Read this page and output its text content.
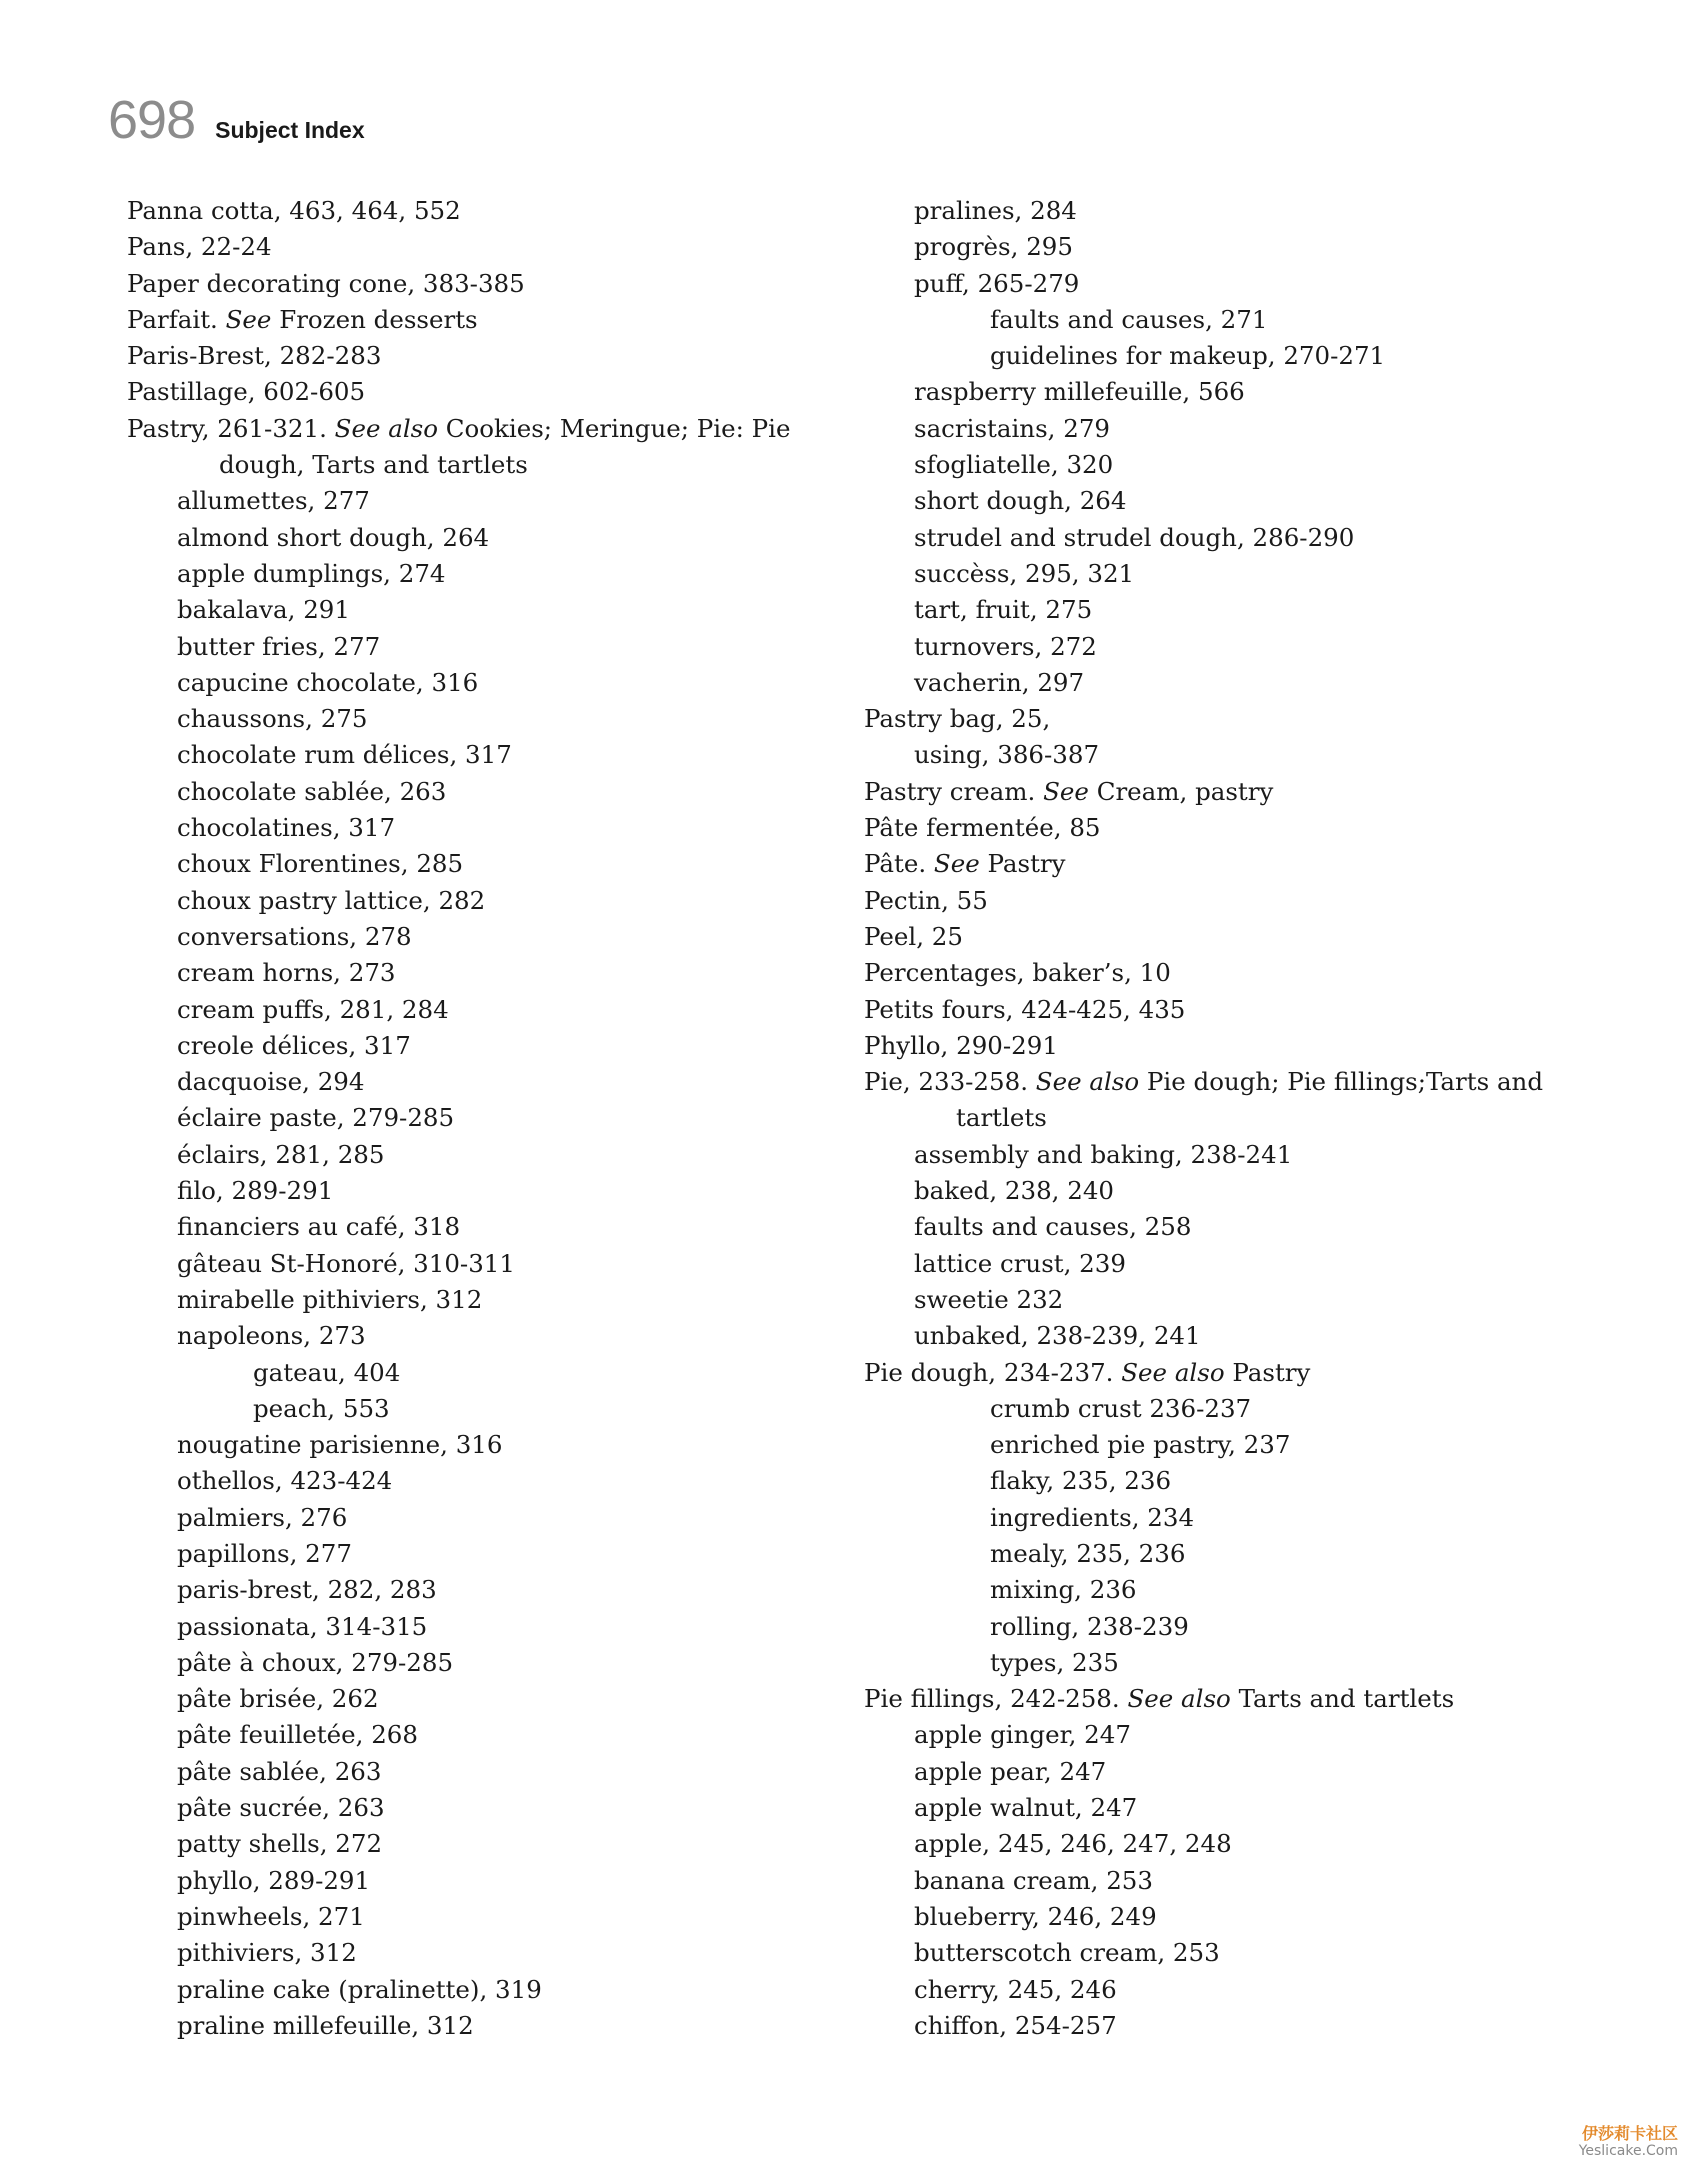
698 Subject Index
Panna cotta, 463, 464, 552
Pans, 22-24
Paper decorating cone, 383-385
Parfait. See Frozen desserts
Paris-Brest, 282-283
Pastillage, 602-605
Pastry, 261-321. See also Cookies; Meringue; Pie: Pie dough, Tarts and tartlets
allumettes, 277
almond short dough, 264
apple dumplings, 274
bakalava, 291
butter fries, 277
capucine chocolate, 316
chaussons, 275
chocolate rum délices, 317
chocolate sablée, 263
chocolatines, 317
choux Florentines, 285
choux pastry lattice, 282
conversations, 278
cream horns, 273
cream puffs, 281, 284
creole délices, 317
dacquoise, 294
éclaire paste, 279-285
éclairs, 281, 285
filo, 289-291
financiers au café, 318
gâteau St-Honoré, 310-311
mirabelle pithiviers, 312
napoleons, 273
gateau, 404
peach, 553
nougatine parisienne, 316
othellos, 423-424
palmiers, 276
papillons, 277
paris-brest, 282, 283
passionata, 314-315
pâte à choux, 279-285
pâte brisée, 262
pâte feuilletée, 268
pâte sablée, 263
pâte sucrée, 263
patty shells, 272
phyllo, 289-291
pinwheels, 271
pithiviers, 312
praline cake (pralinette), 319
praline millefeuille, 312
pralines, 284
progrès, 295
puff, 265-279
faults and causes, 271
guidelines for makeup, 270-271
raspberry millefeuille, 566
sacristains, 279
sfogliatelle, 320
short dough, 264
strudel and strudel dough, 286-290
succèss, 295, 321
tart, fruit, 275
turnovers, 272
vacherin, 297
Pastry bag, 25,
using, 386-387
Pastry cream. See Cream, pastry
Pâte fermentée, 85
Pâte. See Pastry
Pectin, 55
Peel, 25
Percentages, baker’s, 10
Petits fours, 424-425, 435
Phyllo, 290-291
Pie, 233-258. See also Pie dough; Pie fillings;Tarts and tartlets
assembly and baking, 238-241
baked, 238, 240
faults and causes, 258
lattice crust, 239
sweetie 232
unbaked, 238-239, 241
Pie dough, 234-237. See also Pastry
crumb crust 236-237
enriched pie pastry, 237
flaky, 235, 236
ingredients, 234
mealy, 235, 236
mixing, 236
rolling, 238-239
types, 235
Pie fillings, 242-258. See also Tarts and tartlets
apple ginger, 247
apple pear, 247
apple walnut, 247
apple, 245, 246, 247, 248
banana cream, 253
blueberry, 246, 249
butterscotch cream, 253
cherry, 245, 246
chiffon, 254-257
伊莎莉卡社区
Yeslicake.Com
